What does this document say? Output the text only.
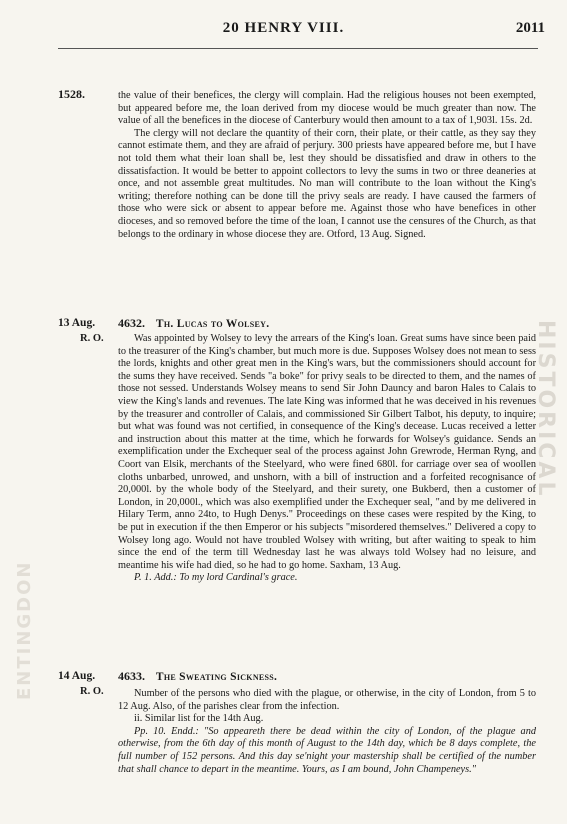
20 HENRY VIII.	2011
1528.	the value of their benefices, the clergy will complain. Had the religious houses not been exempted, but appeared before me, the loan derived from my diocese would be much greater than now. The value of all the benefices in the diocese of Canterbury would then amount to a tax of 1,903l. 15s. 2d.

The clergy will not declare the quantity of their corn, their plate, or their cattle, as they say they cannot estimate them, and they are afraid of perjury. 300 priests have appeared before me, but I have not told them what their loan shall be, lest they should be dissatisfied and draw in others to the dissatisfaction. It would be better to appoint collectors to levy the sums in two or three deaneries at once, and not assemble great multitudes. No man will contribute to the loan without the King's writing; therefore nothing can be done till the privy seals are ready. I have caused the farmers of those who were sick or absent to appear before me. Against those who have benefices in other dioceses, and so removed before the time of the loan, I cannot use the censures of the Church, as that belongs to the ordinary in whose diocese they are. Otford, 13 Aug. Signed.

13 Aug.
R. O.
4632. Th. Lucas to Wolsey.

Was appointed by Wolsey to levy the arrears of the King's loan. Great sums have since been paid to the treasurer of the King's chamber, but much more is due. Supposes Wolsey does not mean to sess the lords, knights and other great men in the King's wars, but the commissioners should account for the sums they have received. Sends "a boke" for privy seals to be directed to them, and the names of those not sessed. Understands Wolsey means to send Sir John Dauncy and baron Hales to Calais to view the King's lands and revenues. The late King was informed that he was deceived in his revenues by the treasurer and controller of Calais, and commissioned Sir Gilbert Talbot, his deputy, to inquire; but what was found was not certified, in consequence of the King's decease. Lucas received a letter and instruction about this matter at the time, which he forwards for Wolsey's guidance. Sends an exemplification under the Exchequer seal of the process against John Grewrode, Herman Ryng, and Coort van Elsik, merchants of the Steelyard, who were fined 680l. for carriage over sea of woollen cloths unbarbed, unrowed, and unshorn, with a bill of instruction and a forfeited recognisance of 20,000l. by the whole body of the Steelyard, and their surety, one Bukberd, then a customer of London, in 20,000l., which was also exemplified under the Exchequer seal, "and by me delivered in Hilary Term, anno 24to, to Hugh Denys." Proceedings on these cases were respited by the King, to be put in execution if the then Emperor or his subjects "misordered themselves." Delivered a copy to Wolsey long ago. Would not have troubled Wolsey with writing, but after waiting to speak to him since the end of the term till Wednesday last he was always told Wolsey had no leisure, and meantime his wife had died, so he had to go home. Saxham, 13 Aug.

P. 1. Add.: To my lord Cardinal's grace.

14 Aug.
R. O.
4633. The Sweating Sickness.

Number of the persons who died with the plague, or otherwise, in the city of London, from 5 to 12 Aug. Also, of the parishes clear from the infection.

ii. Similar list for the 14th Aug.

Pp. 10. Endd.: "So appeareth there be dead within the city of London, of the plague and otherwise, from the 6th day of this month of August to the 14th day, which be 8 days complete, the full number of 152 persons. And this day se'night your mastership shall be certified of the number that shall chance to depart in the meantime. Yours, as I am bound, John Champeneys."

HISTORICAL
ENTINGDON
